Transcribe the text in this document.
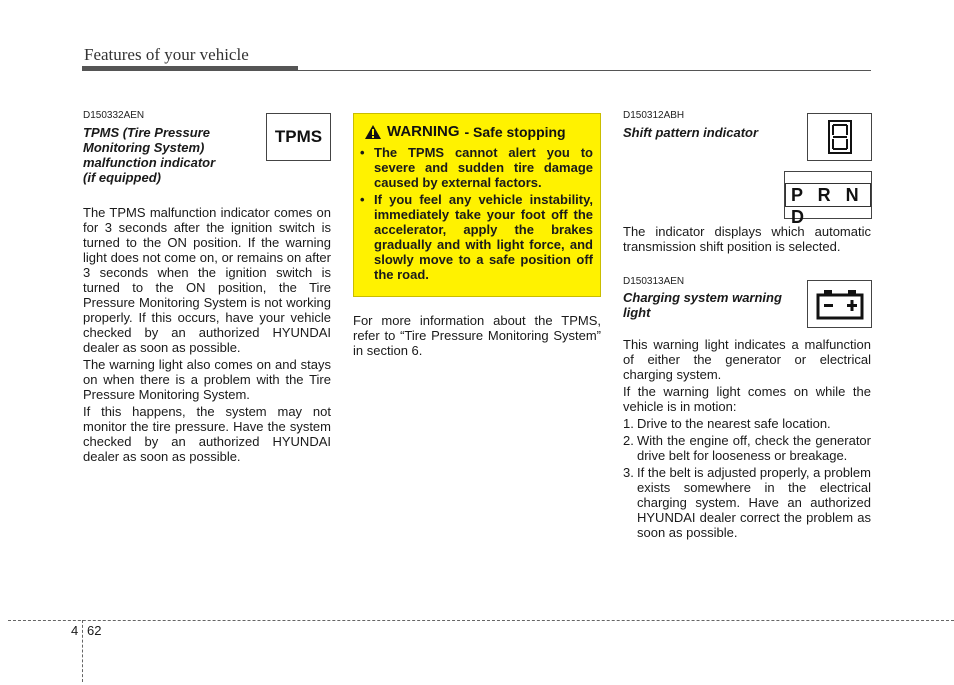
Features of your vehicle
D150332AEN
TPMS (Tire Pressure
Monitoring System)
malfunction indicator
(if equipped)
TPMS

The TPMS malfunction indicator comes on for 3 seconds after the ignition switch is turned to the ON position. If the warning light does not come on, or remains on after 3 seconds when the ignition switch is turned to the ON position, the Tire Pressure Monitoring System is not working properly. If this occurs, have your vehicle checked by an authorized HYUNDAI dealer as soon as possible.

The warning light also comes on and stays on when there is a problem with the Tire Pressure Monitoring System.

If this happens, the system may not monitor the tire pressure. Have the system checked by an authorized HYUNDAI dealer as soon as possible.

WARNING - Safe stopping
• The TPMS cannot alert you to severe and sudden tire damage caused by external factors.
• If you feel any vehicle instability, immediately take your foot off the accelerator, apply the brakes gradually and with light force, and slowly move to a safe position off the road.

For more information about the TPMS, refer to “Tire Pressure Monitoring System” in section 6.

D150312ABH
Shift pattern indicator
P R N D

The indicator displays which automatic transmission shift position is selected.

D150313AEN
Charging system warning
light

This warning light indicates a malfunction of either the generator or electrical charging system.

If the warning light comes on while the vehicle is in motion:

1. Drive to the nearest safe location.
2. With the engine off, check the generator drive belt for looseness or breakage.
3. If the belt is adjusted properly, a problem exists somewhere in the electrical charging system. Have an authorized HYUNDAI dealer correct the problem as soon as possible.
4 62
